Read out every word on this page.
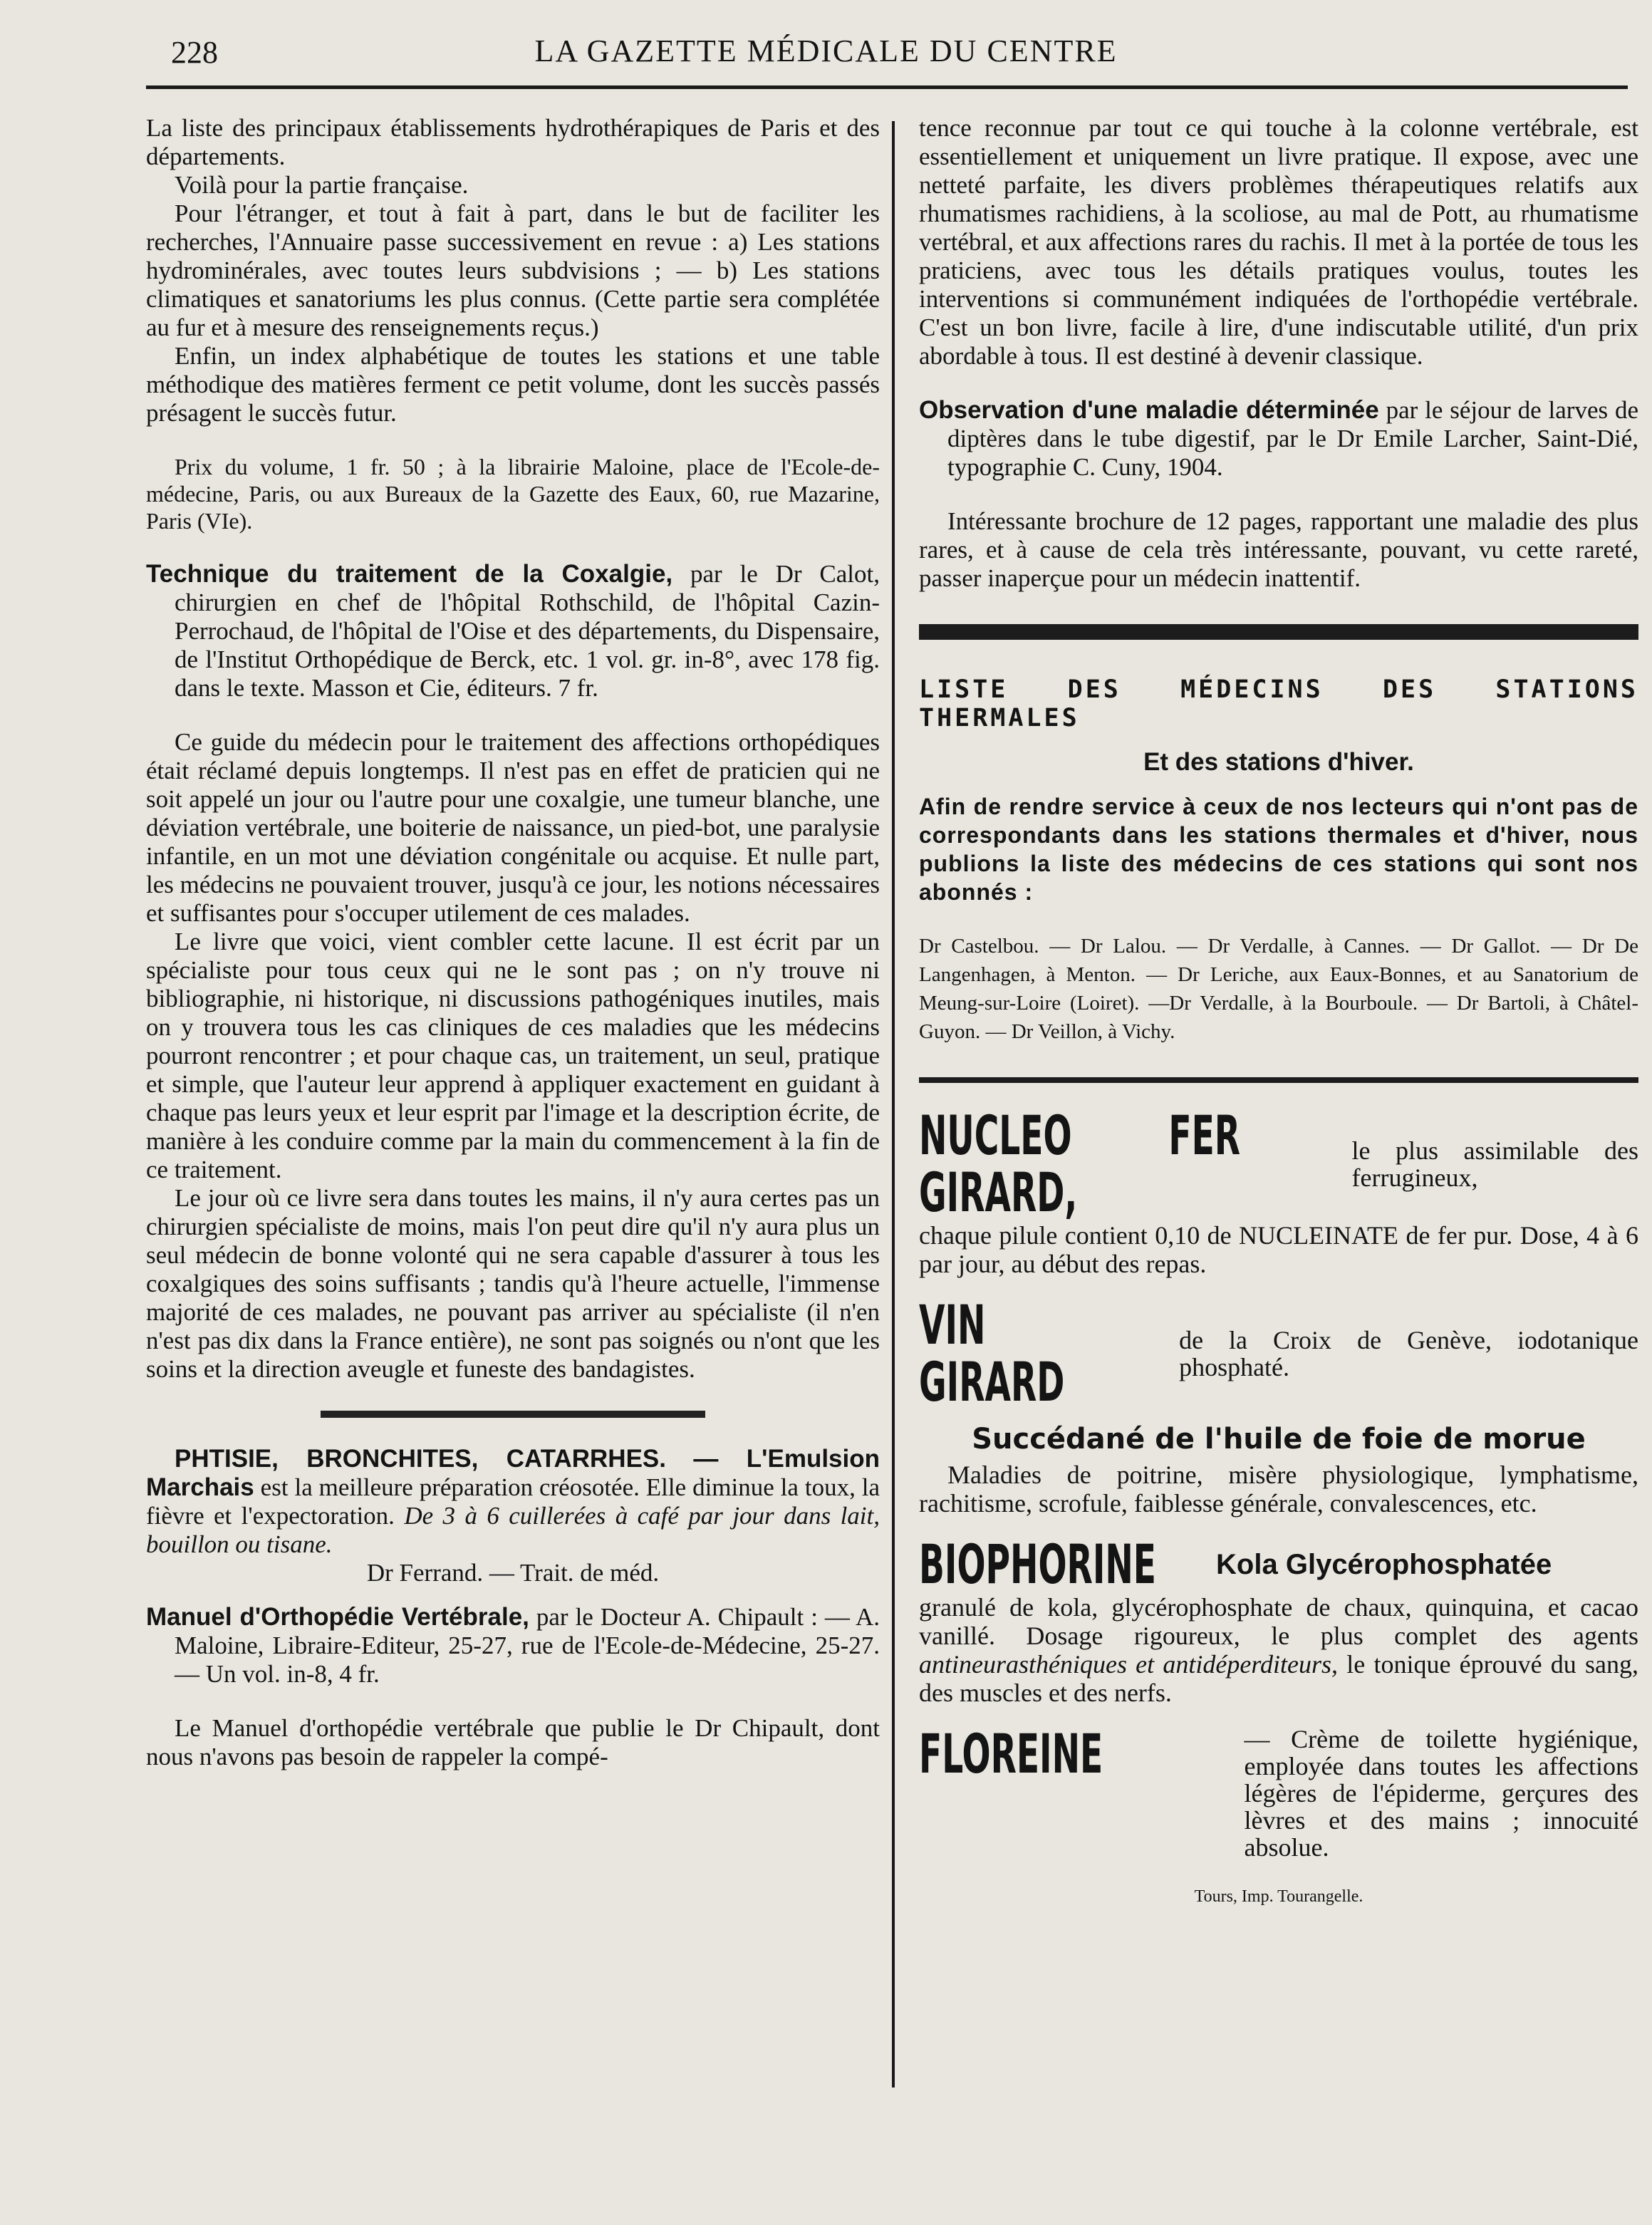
228	LA GAZETTE MÉDICALE DU CENTRE

La liste des principaux établissements hydrothérapiques de Paris et des départements.

Voilà pour la partie française.

Pour l'étranger, et tout à fait à part, dans le but de faciliter les recherches, l'Annuaire passe successivement en revue : a) Les stations hydrominérales, avec toutes leurs subdvisions ; — b) Les stations climatiques et sanatoriums les plus connus. (Cette partie sera complétée au fur et à mesure des renseignements reçus.)

Enfin, un index alphabétique de toutes les stations et une table méthodique des matières ferment ce petit volume, dont les succès passés présagent le succès futur.

Prix du volume, 1 fr. 50 ; à la librairie Maloine, place de l'Ecole-de-médecine, Paris, ou aux Bureaux de la Gazette des Eaux, 60, rue Mazarine, Paris (VIe).

Technique du traitement de la Coxalgie, par le Dr Calot, chirurgien en chef de l'hôpital Rothschild, de l'hôpital Cazin-Perrochaud, de l'hôpital de l'Oise et des départements, du Dispensaire, de l'Institut Orthopédique de Berck, etc. 1 vol. gr. in-8°, avec 178 fig. dans le texte. Masson et Cie, éditeurs. 7 fr.

Ce guide du médecin pour le traitement des affections orthopédiques était réclamé depuis longtemps. Il n'est pas en effet de praticien qui ne soit appelé un jour ou l'autre pour une coxalgie, une tumeur blanche, une déviation vertébrale, une boiterie de naissance, un pied-bot, une paralysie infantile, en un mot une déviation congénitale ou acquise. Et nulle part, les médecins ne pouvaient trouver, jusqu'à ce jour, les notions nécessaires et suffisantes pour s'occuper utilement de ces malades.

Le livre que voici, vient combler cette lacune. Il est écrit par un spécialiste pour tous ceux qui ne le sont pas ; on n'y trouve ni bibliographie, ni historique, ni discussions pathogéniques inutiles, mais on y trouvera tous les cas cliniques de ces maladies que les médecins pourront rencontrer ; et pour chaque cas, un traitement, un seul, pratique et simple, que l'auteur leur apprend à appliquer exactement en guidant à chaque pas leurs yeux et leur esprit par l'image et la description écrite, de manière à les conduire comme par la main du commencement à la fin de ce traitement.

Le jour où ce livre sera dans toutes les mains, il n'y aura certes pas un chirurgien spécialiste de moins, mais l'on peut dire qu'il n'y aura plus un seul médecin de bonne volonté qui ne sera capable d'assurer à tous les coxalgiques des soins suffisants ; tandis qu'à l'heure actuelle, l'immense majorité de ces malades, ne pouvant pas arriver au spécialiste (il n'en n'est pas dix dans la France entière), ne sont pas soignés ou n'ont que les soins et la direction aveugle et funeste des bandagistes.

PHTISIE, BRONCHITES, CATARRHES. — L'Emulsion Marchais est la meilleure préparation créosotée. Elle diminue la toux, la fièvre et l'expectoration. De 3 à 6 cuillerées à café par jour dans lait, bouillon ou tisane.

Dr Ferrand. — Trait. de méd.

Manuel d'Orthopédie Vertébrale, par le Docteur A. Chipault : — A. Maloine, Libraire-Editeur, 25-27, rue de l'Ecole-de-Médecine, 25-27. — Un vol. in-8, 4 fr.

Le Manuel d'orthopédie vertébrale que publie le Dr Chipault, dont nous n'avons pas besoin de rappeler la compé-

tence reconnue par tout ce qui touche à la colonne vertébrale, est essentiellement et uniquement un livre pratique. Il expose, avec une netteté parfaite, les divers problèmes thérapeutiques relatifs aux rhumatismes rachidiens, à la scoliose, au mal de Pott, au rhumatisme vertébral, et aux affections rares du rachis. Il met à la portée de tous les praticiens, avec tous les détails pratiques voulus, toutes les interventions si communément indiquées de l'orthopédie vertébrale. C'est un bon livre, facile à lire, d'une indiscutable utilité, d'un prix abordable à tous. Il est destiné à devenir classique.

Observation d'une maladie déterminée par le séjour de larves de diptères dans le tube digestif, par le Dr Emile Larcher, Saint-Dié, typographie C. Cuny, 1904.

Intéressante brochure de 12 pages, rapportant une maladie des plus rares, et à cause de cela très intéressante, pouvant, vu cette rareté, passer inaperçue pour un médecin inattentif.

LISTE DES MÉDECINS DES STATIONS THERMALES

Et des stations d'hiver.

Afin de rendre service à ceux de nos lecteurs qui n'ont pas de correspondants dans les stations thermales et d'hiver, nous publions la liste des médecins de ces stations qui sont nos abonnés :

Dr Castelbou. — Dr Lalou. — Dr Verdalle, à Cannes. — Dr Gallot. — Dr De Langenhagen, à Menton. — Dr Leriche, aux Eaux-Bonnes, et au Sanatorium de Meung-sur-Loire (Loiret). —Dr Verdalle, à la Bourboule. — Dr Bartoli, à Châtel-Guyon. — Dr Veillon, à Vichy.

NUCLEO FER GIRARD,
le plus assimilable des ferrugineux,

chaque pilule contient 0,10 de NUCLEINATE de fer pur. Dose, 4 à 6 par jour, au début des repas.

VIN GIRARD
de la Croix de Genève, iodotanique phosphaté.

Succédané de l'huile de foie de morue

Maladies de poitrine, misère physiologique, lymphatisme, rachitisme, scrofule, faiblesse générale, convalescences, etc.

BIOPHORINE Kola Glycérophosphatée

granulé de kola, glycérophosphate de chaux, quinquina, et cacao vanillé. Dosage rigoureux, le plus complet des agents antineurasthéniques et antidéperditeurs, le tonique éprouvé du sang, des muscles et des nerfs.

FLOREINE	— Crème de toilette hygiénique, employée dans toutes les affections légères de l'épiderme, gerçures des lèvres et des mains ; innocuité absolue.

Tours, Imp. Tourangelle.
